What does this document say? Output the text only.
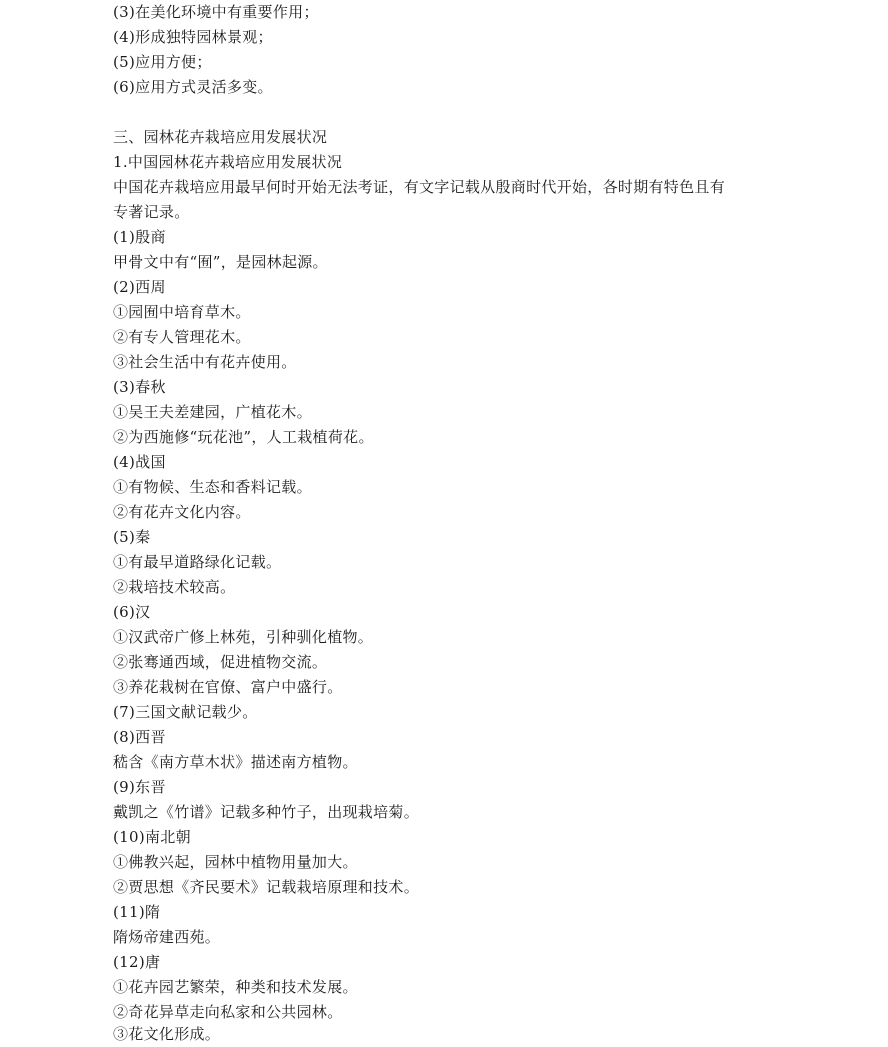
(3)在美化环境中有重要作用；
(4)形成独特园林景观；
(5)应用方便；
(6)应用方式灵活多变。
三、园林花卉栽培应用发展状况
1.中国园林花卉栽培应用发展状况
中国花卉栽培应用最早何时开始无法考证，有文字记载从殷商时代开始，各时期有特色且有
专著记录。
(1)殷商
甲骨文中有“囿”，是园林起源。
(2)西周
①园囿中培育草木。
②有专人管理花木。
③社会生活中有花卉使用。
(3)春秋
①吴王夫差建园，广植花木。
②为西施修“玩花池”，人工栽植荷花。
(4)战国
①有物候、生态和香料记载。
②有花卉文化内容。
(5)秦
①有最早道路绿化记载。
②栽培技术较高。
(6)汉
①汉武帝广修上林苑，引种驯化植物。
②张骞通西域，促进植物交流。
③养花栽树在官僚、富户中盛行。
(7)三国文献记载少。
(8)西晋
嵇含《南方草木状》描述南方植物。
(9)东晋
戴凯之《竹谱》记载多种竹子，出现栽培菊。
(10)南北朝
①佛教兴起，园林中植物用量加大。
②贾思想《齐民要术》记载栽培原理和技术。
(11)隋
隋炀帝建西苑。
(12)唐
①花卉园艺繁荣，种类和技术发展。
②奇花异草走向私家和公共园林。
③花文化形成。
